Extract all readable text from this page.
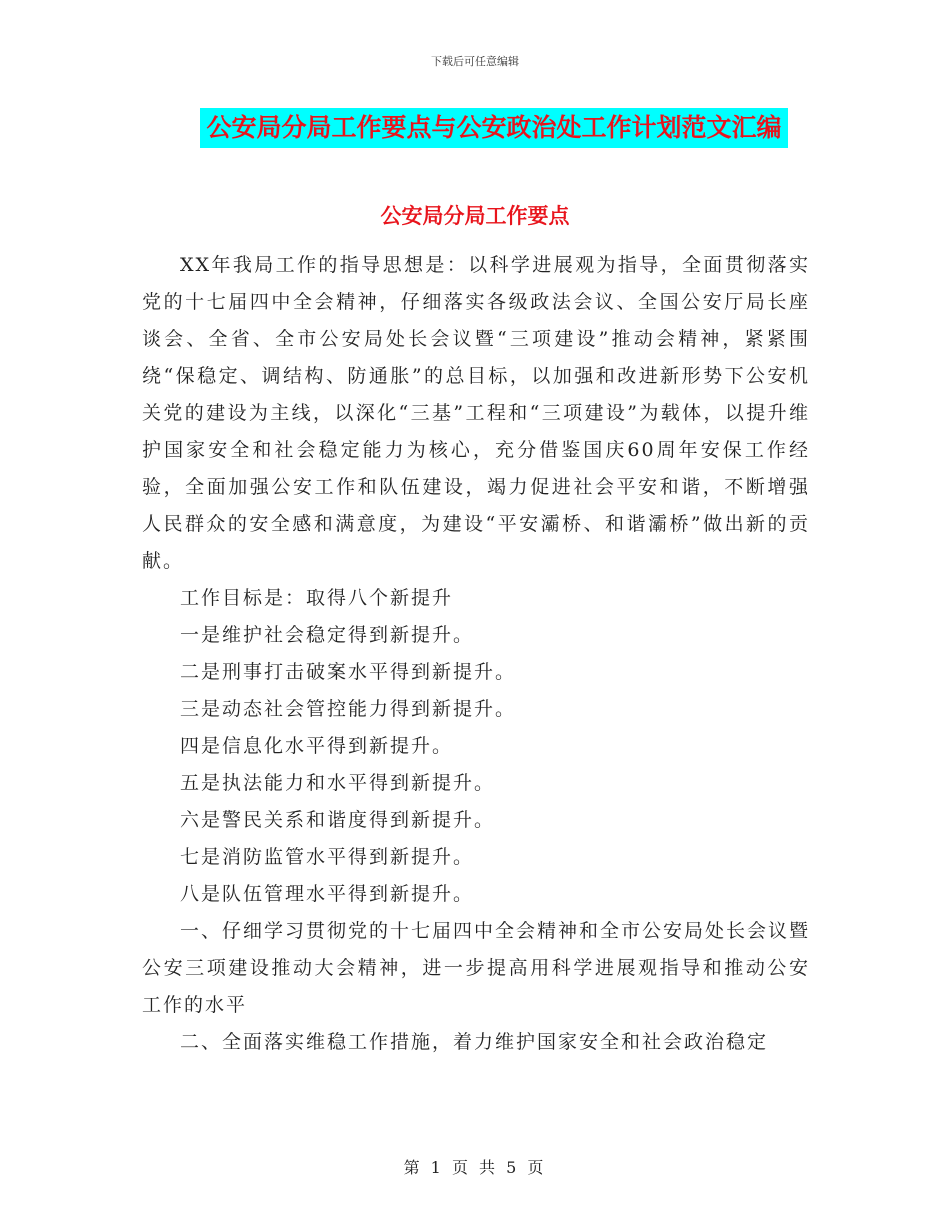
下载后可任意编辑
公安局分局工作要点与公安政治处工作计划范文汇编
公安局分局工作要点

XX年我局工作的指导思想是：以科学进展观为指导，全面贯彻落实党的十七届四中全会精神，仔细落实各级政法会议、全国公安厅局长座谈会、全省、全市公安局处长会议暨“三项建设”推动会精神，紧紧围绕“保稳定、调结构、防通胀”的总目标，以加强和改进新形势下公安机关党的建设为主线，以深化“三基”工程和“三项建设”为载体，以提升维护国家安全和社会稳定能力为核心，充分借鉴国庆60周年安保工作经验，全面加强公安工作和队伍建设，竭力促进社会平安和谐，不断增强人民群众的安全感和满意度，为建设“平安灞桥、和谐灞桥”做出新的贡献。

工作目标是：取得八个新提升

一是维护社会稳定得到新提升。

二是刑事打击破案水平得到新提升。

三是动态社会管控能力得到新提升。

四是信息化水平得到新提升。

五是执法能力和水平得到新提升。

六是警民关系和谐度得到新提升。

七是消防监管水平得到新提升。

八是队伍管理水平得到新提升。

一、仔细学习贯彻党的十七届四中全会精神和全市公安局处长会议暨公安三项建设推动大会精神，进一步提高用科学进展观指导和推动公安工作的水平

二、全面落实维稳工作措施，着力维护国家安全和社会政治稳定

第 1 页 共 5 页
